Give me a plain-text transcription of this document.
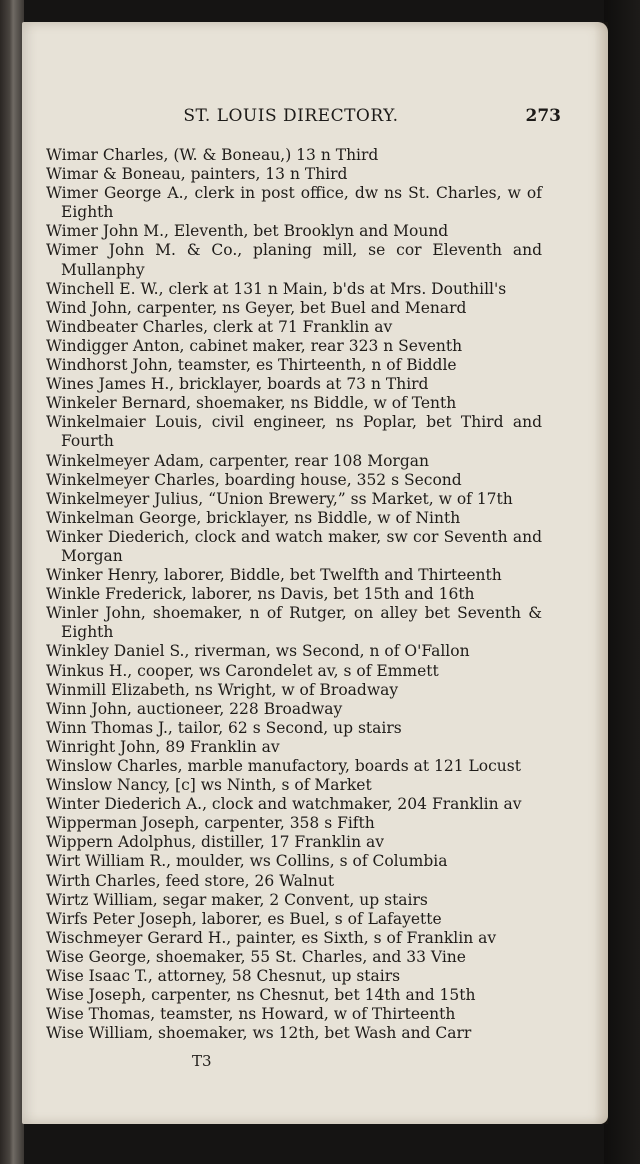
ST. LOUIS DIRECTORY.	273
Wimar Charles, (W. & Boneau,) 13 n Third
Wimar & Boneau, painters, 13 n Third
Wimer George A., clerk in post office, dw ns St. Charles, w of Eighth
Wimer John M., Eleventh, bet Brooklyn and Mound
Wimer John M. & Co., planing mill, se cor Eleventh and Mullanphy
Winchell E. W., clerk at 131 n Main, b'ds at Mrs. Douthill's
Wind John, carpenter, ns Geyer, bet Buel and Menard
Windbeater Charles, clerk at 71 Franklin av
Windigger Anton, cabinet maker, rear 323 n Seventh
Windhorst John, teamster, es Thirteenth, n of Biddle
Wines James H., bricklayer, boards at 73 n Third
Winkeler Bernard, shoemaker, ns Biddle, w of Tenth
Winkelmaier Louis, civil engineer, ns Poplar, bet Third and Fourth
Winkelmeyer Adam, carpenter, rear 108 Morgan
Winkelmeyer Charles, boarding house, 352 s Second
Winkelmeyer Julius, “Union Brewery,” ss Market, w of 17th
Winkelman George, bricklayer, ns Biddle, w of Ninth
Winker Diederich, clock and watch maker, sw cor Seventh and Morgan
Winker Henry, laborer, Biddle, bet Twelfth and Thirteenth
Winkle Frederick, laborer, ns Davis, bet 15th and 16th
Winler John, shoemaker, n of Rutger, on alley bet Seventh & Eighth
Winkley Daniel S., riverman, ws Second, n of O'Fallon
Winkus H., cooper, ws Carondelet av, s of Emmett
Winmill Elizabeth, ns Wright, w of Broadway
Winn John, auctioneer, 228 Broadway
Winn Thomas J., tailor, 62 s Second, up stairs
Winright John, 89 Franklin av
Winslow Charles, marble manufactory, boards at 121 Locust
Winslow Nancy, [c] ws Ninth, s of Market
Winter Diederich A., clock and watchmaker, 204 Franklin av
Wipperman Joseph, carpenter, 358 s Fifth
Wippern Adolphus, distiller, 17 Franklin av
Wirt William R., moulder, ws Collins, s of Columbia
Wirth Charles, feed store, 26 Walnut
Wirtz William, segar maker, 2 Convent, up stairs
Wirfs Peter Joseph, laborer, es Buel, s of Lafayette
Wischmeyer Gerard H., painter, es Sixth, s of Franklin av
Wise George, shoemaker, 55 St. Charles, and 33 Vine
Wise Isaac T., attorney, 58 Chesnut, up stairs
Wise Joseph, carpenter, ns Chesnut, bet 14th and 15th
Wise Thomas, teamster, ns Howard, w of Thirteenth
Wise William, shoemaker, ws 12th, bet Wash and Carr
T3
